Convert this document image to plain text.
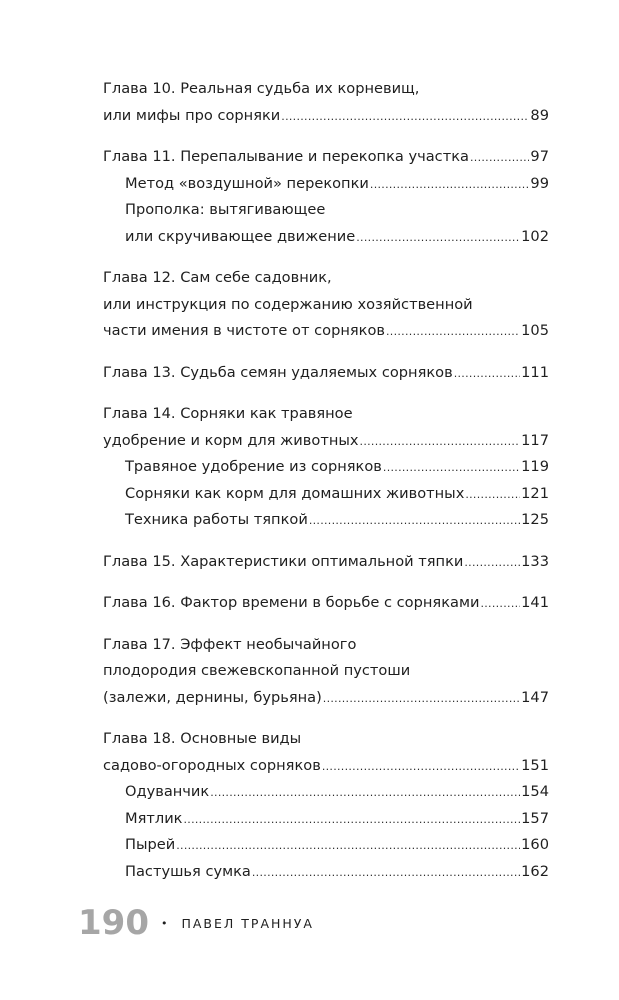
Глава 10. Реальная судьба их корневищ,
или мифы про сорняки .....	89
Глава 11. Перепалывание и перекопка участка .....	97
Метод «воздушной» перекопки .....	99
Прополка: вытягивающее
или скручивающее движение .....	102
Глава 12. Сам себе садовник,
или инструкция по содержанию хозяйственной
части имения в чистоте от сорняков .....	105
Глава 13. Судьба семян удаляемых сорняков .....	111
Глава 14. Сорняки как травяное
удобрение и корм для животных .....	117
Травяное удобрение из сорняков .....	119
Сорняки как корм для домашних животных .....	121
Техника работы тяпкой .....	125
Глава 15. Характеристики оптимальной тяпки .....	133
Глава 16. Фактор времени в борьбе с сорняками .....	141
Глава 17. Эффект необычайного
плодородия свежевскопанной пустоши
(залежи, дернины, бурьяна) .....	147
Глава 18. Основные виды
садово-огородных сорняков .....	151
Одуванчик .....	154
Мятлик .....	157
Пырей .....	160
Пастушья сумка .....	162
190 • ПАВЕЛ ТРАННУА
